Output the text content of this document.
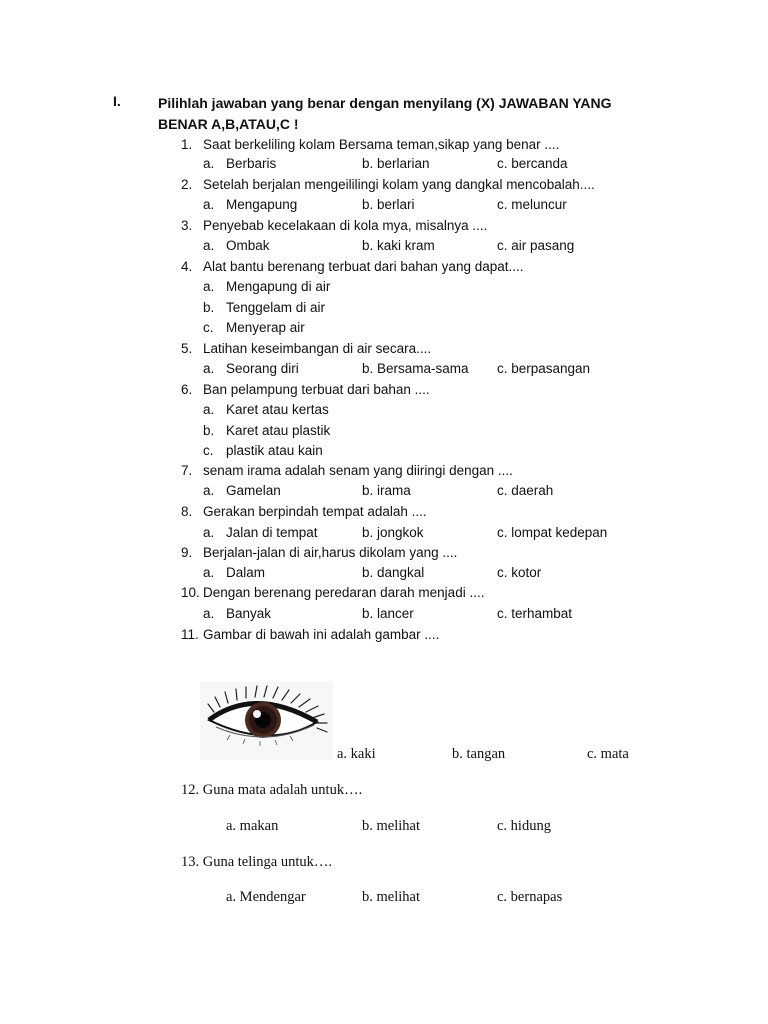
I.	Pilihlah jawaban yang benar dengan menyilang (X) JAWABAN YANG BENAR A,B,ATAU,C !
1. Saat berkeliling kolam Bersama teman,sikap yang benar ....
a. Berbaris	b. berlarian	c. bercanda
2. Setelah berjalan mengeililingi kolam yang dangkal mencobalah....
a. Mengapung	b. berlari	c. meluncur
3. Penyebab kecelakaan di kola mya, misalnya ....
a. Ombak	b. kaki kram	c. air pasang
4. Alat bantu berenang terbuat dari bahan yang dapat....
a. Mengapung di air
b. Tenggelam di air
c. Menyerap air
5. Latihan keseimbangan di air secara....
a. Seorang diri	b. Bersama-sama c. berpasangan
6. Ban pelampung terbuat dari bahan ....
a. Karet atau kertas
b. Karet atau plastik
c. plastik atau kain
7. senam irama adalah senam yang diiringi dengan ....
a. Gamelan	b. irama	c. daerah
8. Gerakan berpindah tempat adalah ....
a. Jalan di tempat	b. jongkok	c. lompat kedepan
9. Berjalan-jalan di air,harus dikolam yang ....
a. Dalam	b. dangkal	c. kotor
10. Dengan berenang peredaran darah menjadi ....
a. Banyak	b. lancer	c. terhambat
11. Gambar di bawah ini adalah gambar ....
a. kaki	b. tangan	c. mata
12. Guna mata adalah untuk….
a. makan	b. melihat	c. hidung
13. Guna telinga untuk….
a. Mendengar	b. melihat	c. bernapas
